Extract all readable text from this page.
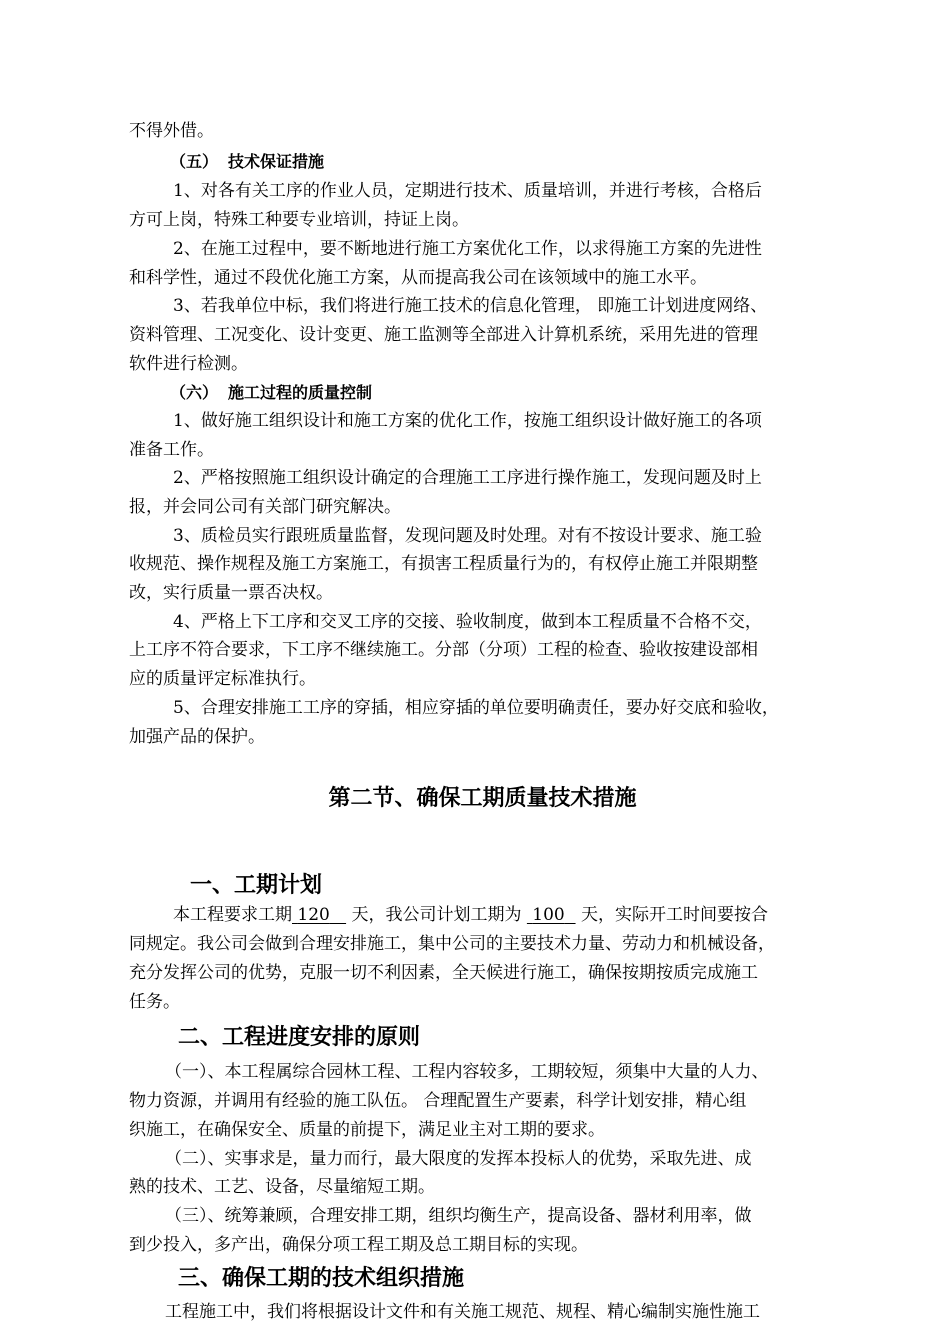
不得外借。
（五） 技术保证措施
1、对各有关工序的作业人员，定期进行技术、质量培训，并进行考核，合格后
方可上岗，特殊工种要专业培训，持证上岗。
2、在施工过程中，要不断地进行施工方案优化工作，以求得施工方案的先进性
和科学性，通过不段优化施工方案，从而提高我公司在该领域中的施工水平。
3、若我单位中标，我们将进行施工技术的信息化管理， 即施工计划进度网络、
资料管理、工况变化、设计变更、施工监测等全部进入计算机系统，采用先进的管理
软件进行检测。
（六） 施工过程的质量控制
1、做好施工组织设计和施工方案的优化工作，按施工组织设计做好施工的各项
准备工作。
2、严格按照施工组织设计确定的合理施工工序进行操作施工，发现问题及时上
报，并会同公司有关部门研究解决。
3、质检员实行跟班质量监督，发现问题及时处理。对有不按设计要求、施工验
收规范、操作规程及施工方案施工，有损害工程质量行为的，有权停止施工并限期整
改，实行质量一票否决权。
4、严格上下工序和交叉工序的交接、验收制度，做到本工程质量不合格不交，
上工序不符合要求，下工序不继续施工。分部（分项）工程的检查、验收按建设部相
应的质量评定标准执行。
5、合理安排施工工序的穿插，相应穿插的单位要明确责任，要办好交底和验收，
加强产品的保护。
第二节、确保工期质量技术措施
一、工期计划
本工程要求工期 120 天，我公司计划工期为 100 天，实际开工时间要按合
同规定。我公司会做到合理安排施工，集中公司的主要技术力量、劳动力和机械设备，
充分发挥公司的优势，克服一切不利因素，全天候进行施工，确保按期按质完成施工
任务。
二、工程进度安排的原则
（一）、本工程属综合园林工程、工程内容较多，工期较短，须集中大量的人力、
物力资源，并调用有经验的施工队伍。 合理配置生产要素，科学计划安排，精心组
织施工，在确保安全、质量的前提下，满足业主对工期的要求。
（二）、实事求是，量力而行，最大限度的发挥本投标人的优势，采取先进、成
熟的技术、工艺、设备，尽量缩短工期。
（三）、统筹兼顾，合理安排工期，组织均衡生产，提高设备、器材利用率，做
到少投入，多产出，确保分项工程工期及总工期目标的实现。
三、确保工期的技术组织措施
工程施工中，我们将根据设计文件和有关施工规范、规程、精心编制实施性施工
